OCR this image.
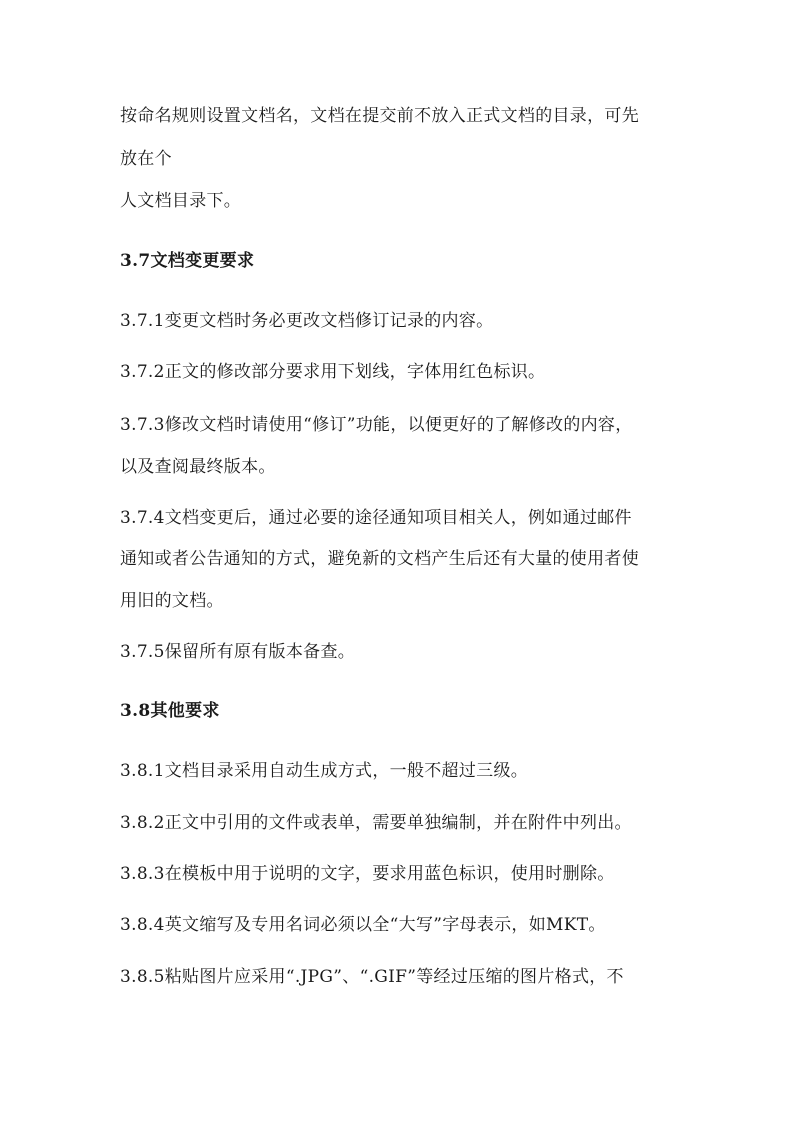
按命名规则设置文档名，文档在提交前不放入正式文档的目录，可先
放在个
人文档目录下。
3.7文档变更要求
3.7.1变更文档时务必更改文档修订记录的内容。
3.7.2正文的修改部分要求用下划线，字体用红色标识。
3.7.3修改文档时请使用“修订”功能，以便更好的了解修改的内容，
以及查阅最终版本。
3.7.4文档变更后，通过必要的途径通知项目相关人，例如通过邮件
通知或者公告通知的方式，避免新的文档产生后还有大量的使用者使
用旧的文档。
3.7.5保留所有原有版本备查。
3.8其他要求
3.8.1文档目录采用自动生成方式，一般不超过三级。
3.8.2正文中引用的文件或表单，需要单独编制，并在附件中列出。
3.8.3在模板中用于说明的文字，要求用蓝色标识，使用时删除。
3.8.4英文缩写及专用名词必须以全“大写”字母表示，如MKT。
3.8.5粘贴图片应采用“.JPG”、“.GIF”等经过压缩的图片格式，不
